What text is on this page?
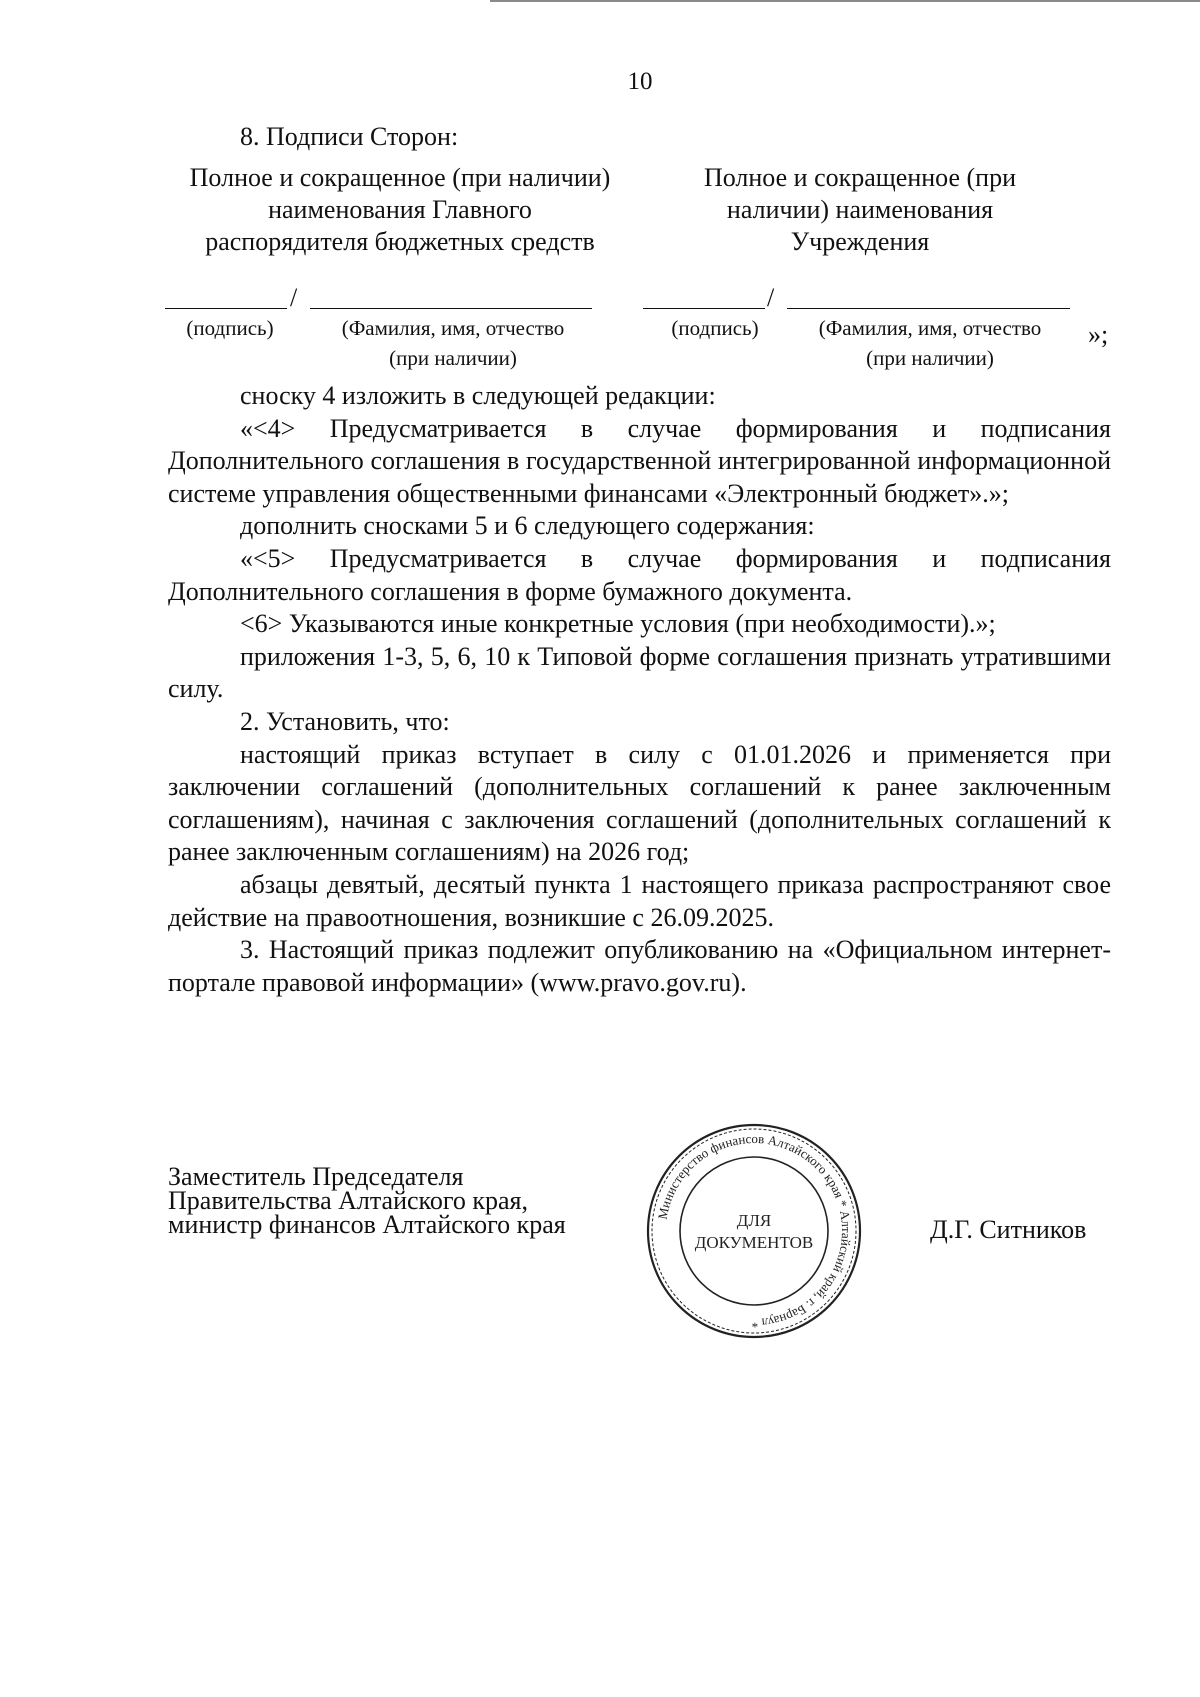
10
8. Подписи Сторон:
Полное и сокращенное (при наличии)
наименования Главного
распорядителя бюджетных средств
Полное и сокращенное (при
наличии) наименования
Учреждения
/
(подпись)	(Фамилия, имя, отчество
(при наличии)
/
(подпись)	(Фамилия, имя, отчество
(при наличии)
»;

сноску 4 изложить в следующей редакции:

«<4> Предусматривается в случае формирования и подписания Дополнительного соглашения в государственной интегрированной информационной системе управления общественными финансами «Электронный бюджет».»;

дополнить сносками 5 и 6 следующего содержания:

«<5> Предусматривается в случае формирования и подписания Дополнительного соглашения в форме бумажного документа.

<6> Указываются иные конкретные условия (при необходимости).»;

приложения 1-3, 5, 6, 10 к Типовой форме соглашения признать утратившими силу.

2. Установить, что:

настоящий приказ вступает в силу с 01.01.2026 и применяется при заключении соглашений (дополнительных соглашений к ранее заключенным соглашениям), начиная с заключения соглашений (дополнительных соглашений к ранее заключенным соглашениям) на 2026 год;

абзацы девятый, десятый пункта 1 настоящего приказа распространяют свое действие на правоотношения, возникшие с 26.09.2025.

3. Настоящий приказ подлежит опубликованию на «Официальном интернет-портале правовой информации» (www.pravo.gov.ru).

Заместитель Председателя
Правительства Алтайского края,
министр финансов Алтайского края	Министерство финансов Алтайского края * Алтайский край, г. Барнаул *
ДЛЯ
ДОКУМЕНТОВ	Д.Г. Ситников
